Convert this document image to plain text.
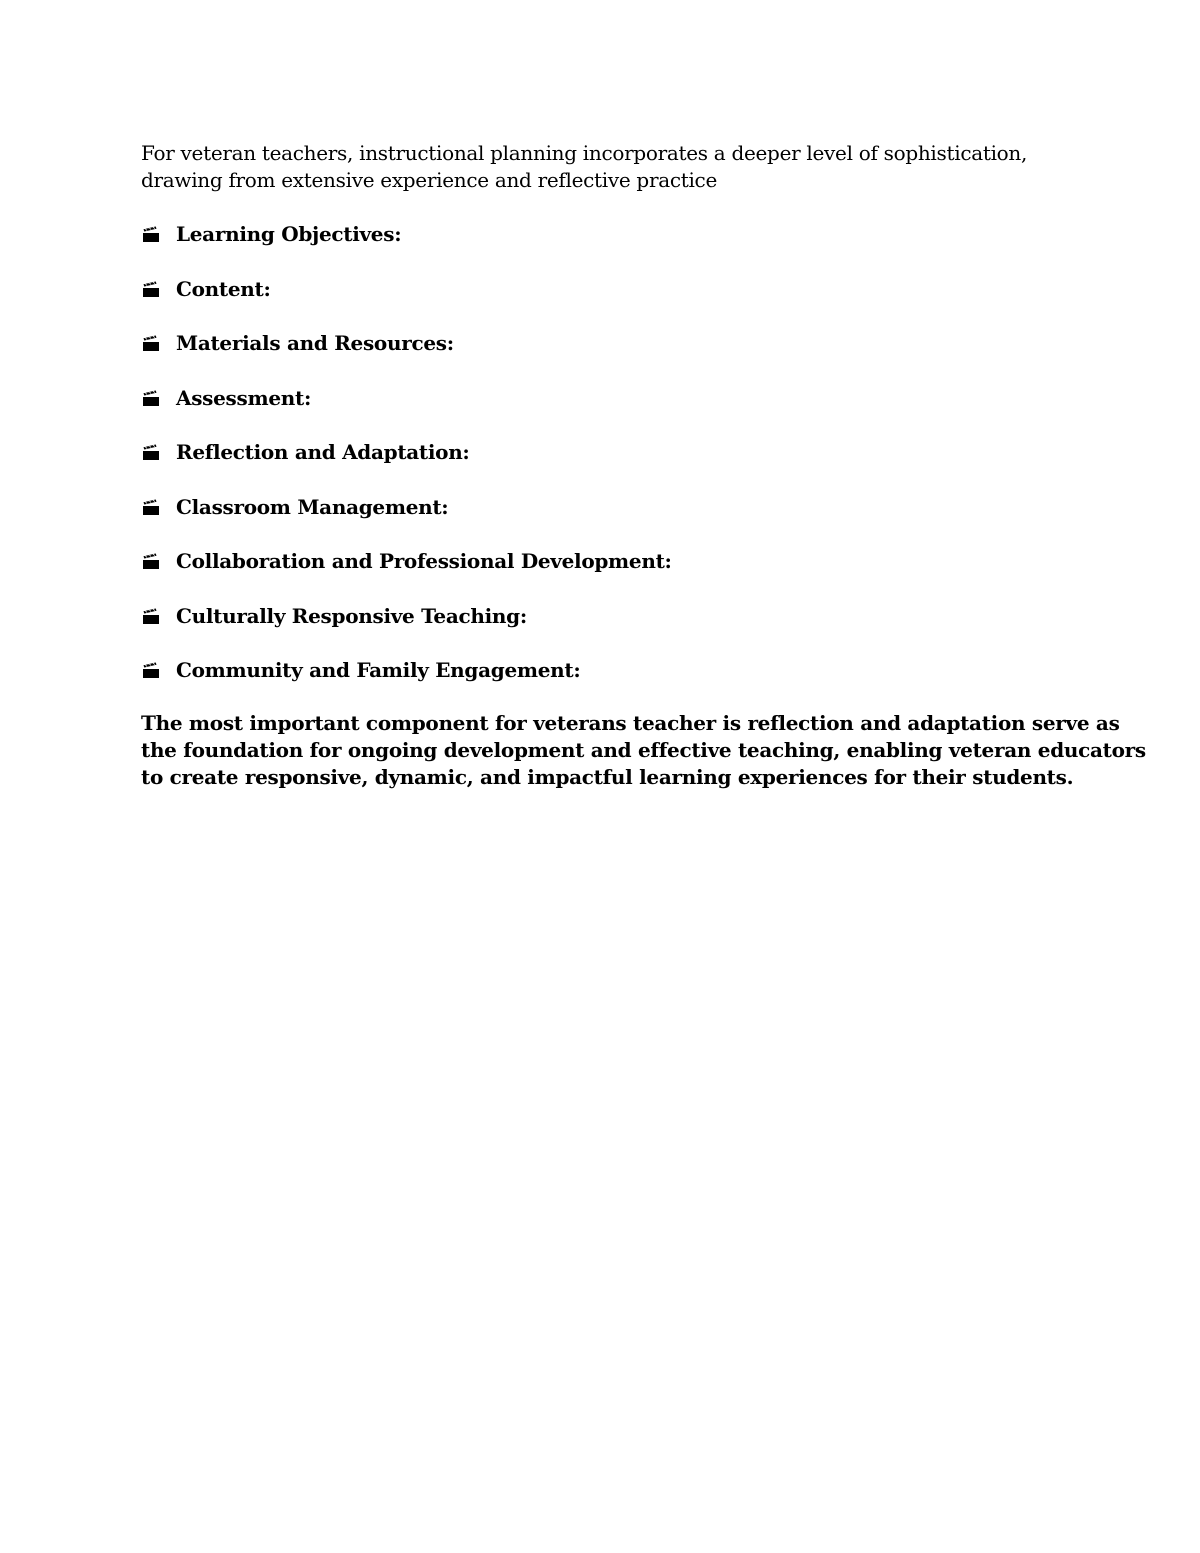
For veteran teachers, instructional planning incorporates a deeper level of sophistication,
drawing from extensive experience and reflective practice

Learning Objectives:
Content:
Materials and Resources:
Assessment:
Reflection and Adaptation:
Classroom Management:
Collaboration and Professional Development:
Culturally Responsive Teaching:
Community and Family Engagement:

The most important component for veterans teacher is reflection and adaptation serve as
the foundation for ongoing development and effective teaching, enabling veteran educators
to create responsive, dynamic, and impactful learning experiences for their students.
